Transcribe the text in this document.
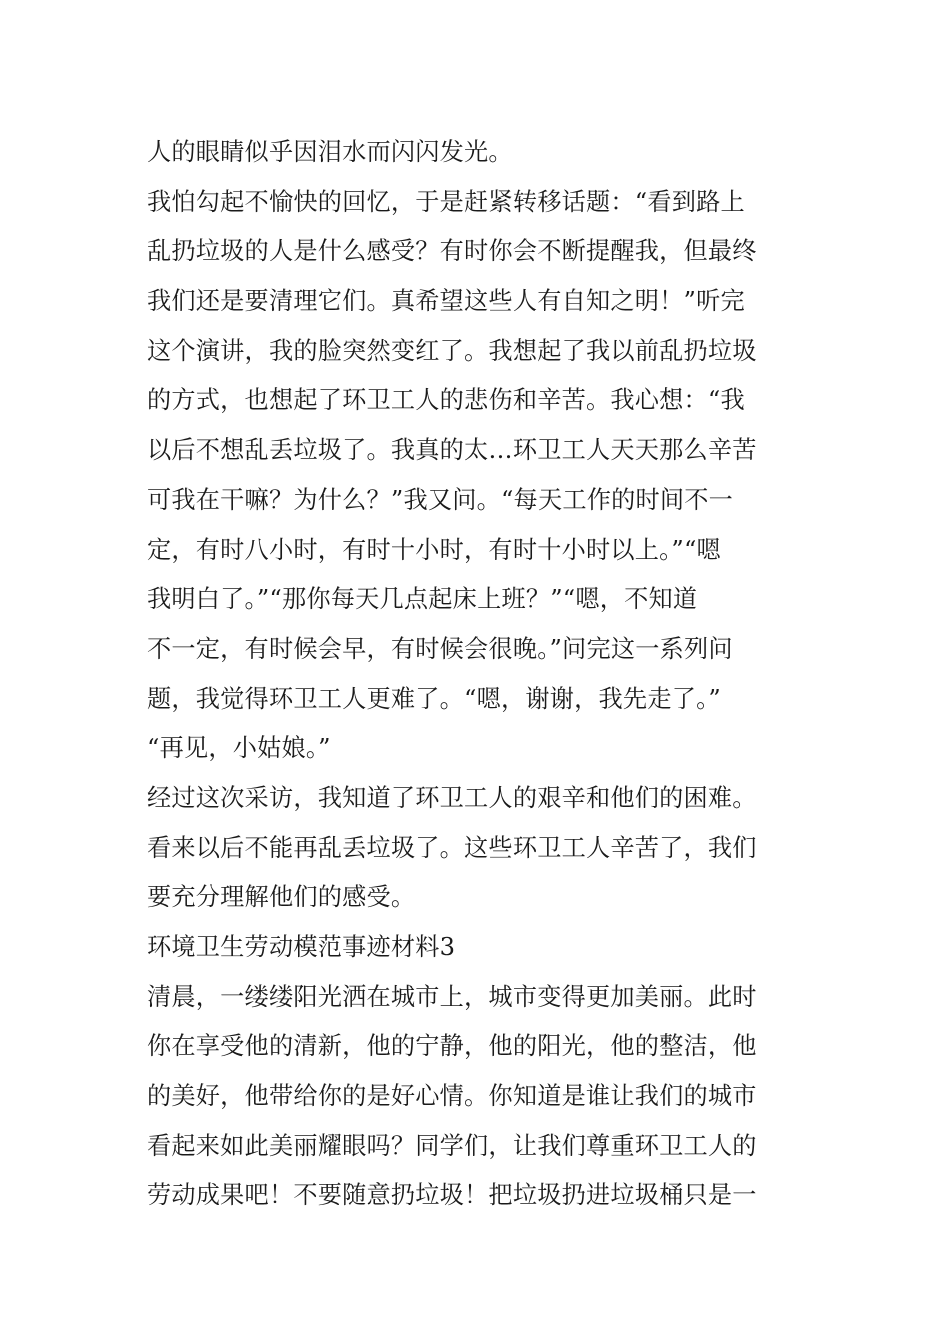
人的眼睛似乎因泪水而闪闪发光。
我怕勾起不愉快的回忆，于是赶紧转移话题：“看到路上
乱扔垃圾的人是什么感受？有时你会不断提醒我，但最终
我们还是要清理它们。真希望这些人有自知之明！”听完
这个演讲，我的脸突然变红了。我想起了我以前乱扔垃圾
的方式，也想起了环卫工人的悲伤和辛苦。我心想：“我
以后不想乱丢垃圾了。我真的太…环卫工人天天那么辛苦
可我在干嘛？为什么？”我又问。“每天工作的时间不一
定，有时八小时，有时十小时，有时十小时以上。”“嗯
我明白了。”“那你每天几点起床上班？”“嗯，不知道
不一定，有时候会早，有时候会很晚。”问完这一系列问
题，我觉得环卫工人更难了。“嗯，谢谢，我先走了。”
“再见，小姑娘。”
经过这次采访，我知道了环卫工人的艰辛和他们的困难。
看来以后不能再乱丢垃圾了。这些环卫工人辛苦了，我们
要充分理解他们的感受。
环境卫生劳动模范事迹材料3
清晨，一缕缕阳光洒在城市上，城市变得更加美丽。此时
你在享受他的清新，他的宁静，他的阳光，他的整洁，他
的美好，他带给你的是好心情。你知道是谁让我们的城市
看起来如此美丽耀眼吗？同学们，让我们尊重环卫工人的
劳动成果吧！不要随意扔垃圾！把垃圾扔进垃圾桶只是一
